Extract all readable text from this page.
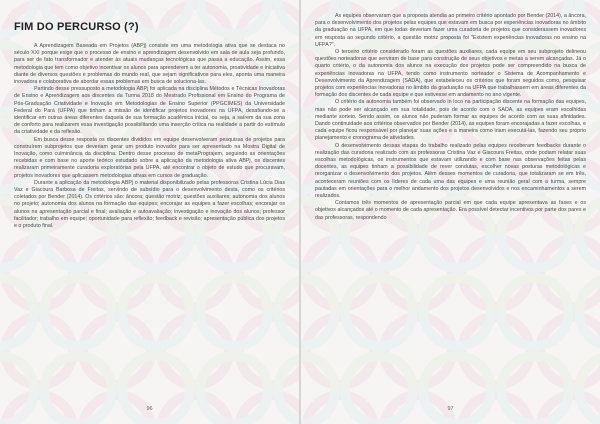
FIM DO PERCURSO (?)

A Aprendizagem Baseada em Projetos (ABPj) consiste em uma metodologia ativa que se destaca no século XXI porque exige que o processo de ensino e aprendizagem desenvolvido em sala de aula seja profundo, para ser de fato transformador e atender às atuais mudanças tecnológicas que passa a educação. Assim, essa metodologia que tem como objetivo incentivar os alunos para aprenderem a ter autonomia, proatividade e iniciativa diante de diversos questões e problemas do mundo real, que sejam significativos para eles, aponta uma maneira inovadora e colaborativa de abordar essas problemas em busca de soluciona-las.

Partindo desse pressuposto a metodologia ABPj foi aplicada na disciplina Métodos e Técnicas Inovadoras de Ensino e Aprendizagem aos discentes da Turma 2018 do Mestrado Profissional em Ensino do Programa de Pós-Graduação Criatividade e Inovação em Metodologias de Ensino Superior (PPGCIMES) da Universidade Federal do Pará (UFPA) que tinham a missão de identificar projetos inovadores na UFPA, desafiando-se a identificar em outras áreas diferentes daquela de sua formação acadêmica inicial, ou seja, a saírem da sua zona de conforto para realizarem essa investigação possibilitando uma inserção crítica na realidade a partir do estímulo da criatividade e da reflexão.

Em busca desse resposta os discentes divididos em equipe desenvolveram pesquisas de projetos para construírem subprojetos que deveriam gerar um produto inovador para ser apresentado na Mostra Digital de Inovação, como culminância da disciplina. Dentro desse processo de metaPrograjem, seguindo as orientações recebidas e com base no aporte teórico estudado sobre a aplicação da metodologia ativa ABPj, os discentes realizaram primeiramente curadoria exploratórias pela UFPA, até encontrar o objeto de estudo que procuravam, projetos inovadores que aplicassem metodologias ativas em cursos de graduação.

Durante a aplicação da metodologia ABPj o material disponibilizado pelas professoras Cristina Lúcia Dias Vaz e Giacoura Barbosa de Freitas, servindo de subsídio para o desenvolvimento desta, como os critérios coletados por Bender (2014). Os critérios são: âncora; questão motriz; questões auxiliares; autonomia dos alunos no projeto; autonomia dos alunos na formação das equipes; encorajar as equipes a fazer escolhas; encorajar os alunos na apresentação parcial e final; avaliação e autoavaliação; investigação e inovação dos alunos; professor facilitador; trabalho em equipe; oportunidade para reflexão; feedback e revisão; apresentação pública dos projetos e o produto final.

96

As equipes observaram que a proposta atendia ao primeiro critério apontado por Bender (2014), a âncora, para o desenvolvimento dos projetos pelas equipes que estavam em busca por experiências inovadoras no âmbito da graduação na UFPA, em que todas deveriam fazer uma curadoria de projetos que considerassem inovadores em resposta ao segundo critério, a questão motriz proposta foi "Existem experiências inovadoras no ensino na UFPA?".

O terceiro critério considerado foram as questões auxiliares, cada equipe em seu subprojeto delineou questões norteadoras que serviram de base para construção de seus objetivos e metas a serem alcançadas. Já o quarto critério, o da autonomia dos alunos na execução dos projetos pode ser compreendido na busca de experiências inovadoras na UFPA, tendo como instrumento norteador o Sistema de Acompanhamento e Desenvolvimento da Aprendizagem (SADA), que estabeleceu os critérios que foram seguidos como, pesquisar projetos com experiências inovadoras no âmbito da graduação na UFPA que trabalhassem em áreas diferentes da formação dos discentes de cada equipe e que estivesse em andamento no ano vigente.

O critério da autonomia também foi observado in loco na participação discente na formação das equipes, mas não pode ser alcançado em sua totalidade, pois de acordo com o SADA, as equipes eram escolhidas mediante sorteio. Sendo assim, os alunos não puderam formar as equipes de acordo com as suas afinidades. Dando continuidade aos critérios observados por Bender (2014), as equipes foram encorajadas a fazer escolhas, e cada equipe ficou responsável por planejar suas ações e a maneira como iriam executá-las, fazendo seu próprio planejamento e cronograma de atividades.

O desenvolvimento dessas etapas do trabalho realizado pelas equipes receberam feedbacks durante o realização das curadoria realizado com as professoras Cristina Vaz e Giacoura Freitas, onde podiam relatar suas escolhas metodológicas, os instrumentos que estavam utilizando e com base nas observações feitas pelas docentes, as equipes tinham a possibilidade de rever condutas, escolher novas posturas metodológicas e reorganizar o desenvolvimento dos projetos. Além desses momentos de curadoria, que totalizaram se em três, aconteceram reuniões com os líderes de cada uma das equipes e uma reunião geral com a turma, sempre pautadas em orientações para o melhor andamento dos projetos desenvolvidos e nos encaminhamentos a serem realizados.

Contamos três momentos de apresentação parcial em que cada equipe apresentava as fases e os objetivos alcançados até o momento de cada apresentação. Era possível detectar incentivos por parte dos pares e das professoras, respondendo

97
